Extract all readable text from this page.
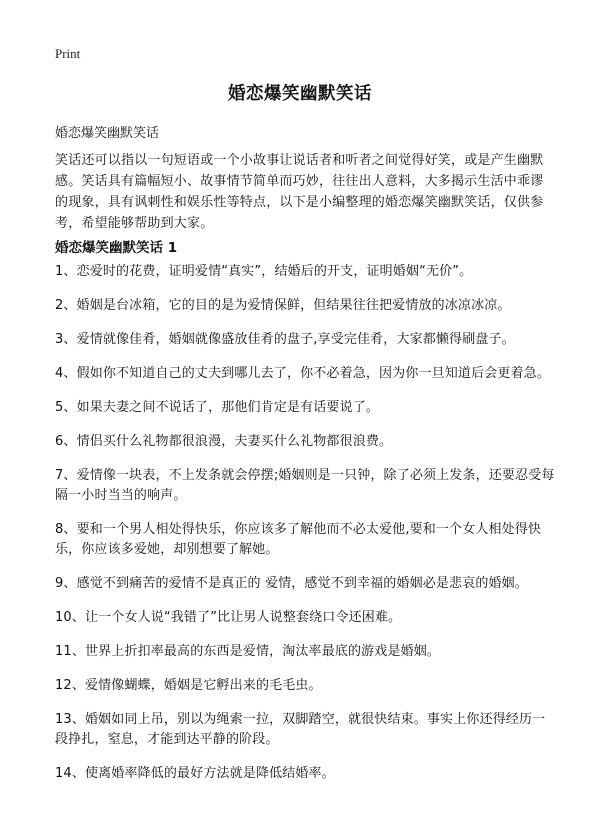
Print
婚恋爆笑幽默笑话
婚恋爆笑幽默笑话
笑话还可以指以一句短语或一个小故事让说话者和听者之间觉得好笑，或是产生幽默感。笑话具有篇幅短小、故事情节简单而巧妙，往往出人意料，大多揭示生活中乖谬的现象，具有讽刺性和娱乐性等特点，以下是小编整理的婚恋爆笑幽默笑话，仅供参考，希望能够帮助到大家。
婚恋爆笑幽默笑话 1
1、恋爱时的花费，证明爱情“真实”，结婚后的开支，证明婚姻“无价”。
2、婚姻是台冰箱，它的目的是为爱情保鲜，但结果往往把爱情放的冰凉冰凉。
3、爱情就像佳肴，婚姻就像盛放佳肴的盘子,享受完佳肴，大家都懒得刷盘子。
4、假如你不知道自己的丈夫到哪儿去了，你不必着急，因为你一旦知道后会更着急。
5、如果夫妻之间不说话了，那他们肯定是有话要说了。
6、情侣买什么礼物都很浪漫，夫妻买什么礼物都很浪费。
7、爱情像一块表，不上发条就会停摆;婚姻则是一只钟，除了必须上发条，还要忍受每隔一小时当当的响声。
8、要和一个男人相处得快乐，你应该多了解他而不必太爱他,要和一个女人相处得快乐，你应该多爱她，却别想要了解她。
9、感觉不到痛苦的爱情不是真正的 爱情，感觉不到幸福的婚姻必是悲哀的婚姻。
10、让一个女人说“我错了”比让男人说整套绕口令还困难。
11、世界上折扣率最高的东西是爱情，淘汰率最底的游戏是婚姻。
12、爱情像蝴蝶，婚姻是它孵出来的毛毛虫。
13、婚姻如同上吊，别以为绳索一拉，双脚踏空，就很快结束。事实上你还得经历一段挣扎，窒息，才能到达平静的阶段。
14、使离婚率降低的最好方法就是降低结婚率。
